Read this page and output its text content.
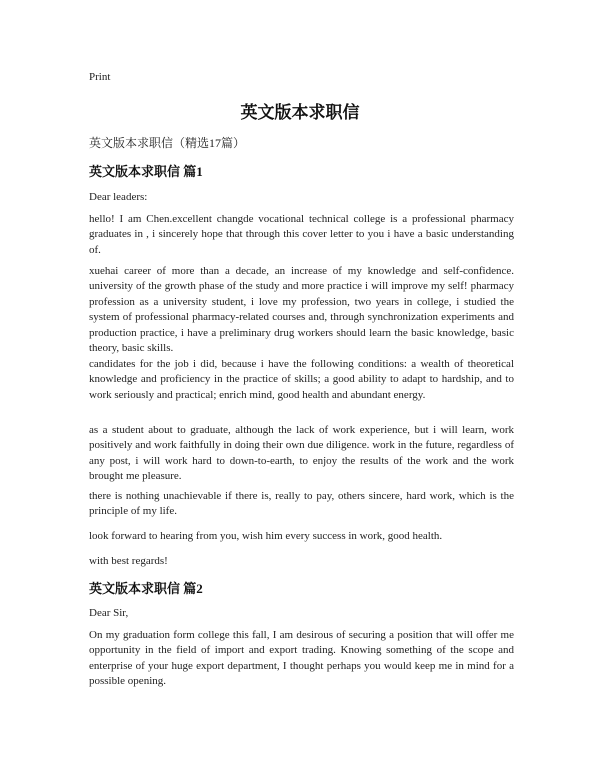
Print
英文版本求职信
英文版本求职信（精选17篇）
英文版本求职信 篇1
Dear leaders:
hello! I am Chen.excellent changde vocational technical college is a professional pharmacy graduates in , i sincerely hope that through this cover letter to you i have a basic understanding of.
xuehai career of more than a decade, an increase of my knowledge and self-confidence. university of the growth phase of the study and more practice i will improve my self! pharmacy profession as a university student, i love my profession, two years in college, i studied the system of professional pharmacy-related courses and, through synchronization experiments and production practice, i have a preliminary drug workers should learn the basic knowledge, basic theory, basic skills.
candidates for the job i did, because i have the following conditions: a wealth of theoretical knowledge and proficiency in the practice of skills; a good ability to adapt to hardship, and to work seriously and practical; enrich mind, good health and abundant energy.
as a student about to graduate, although the lack of work experience, but i will learn, work positively and work faithfully in doing their own due diligence. work in the future, regardless of any post, i will work hard to down-to-earth, to enjoy the results of the work and the work brought me pleasure.
there is nothing unachievable if there is, really to pay, others sincere, hard work, which is the principle of my life.
look forward to hearing from you, wish him every success in work, good health.
with best regards!
英文版本求职信 篇2
Dear Sir,
On my graduation form college this fall, I am desirous of securing a position that will offer me opportunity in the field of import and export trading. Knowing something of the scope and enterprise of your huge export department, I thought perhaps you would keep me in mind for a possible opening.
